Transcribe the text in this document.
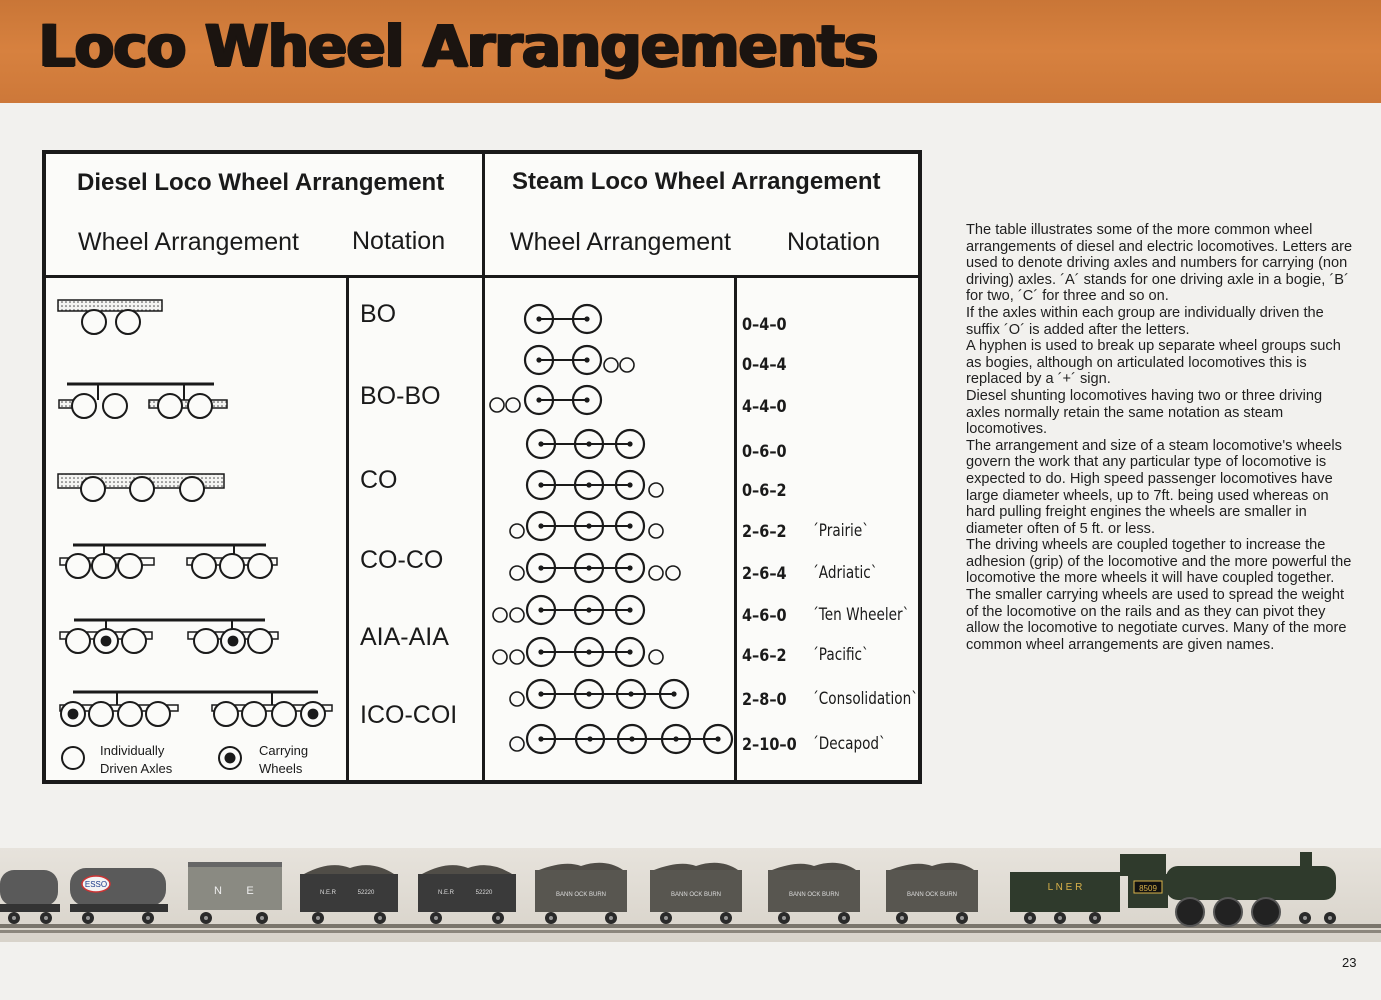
Loco Wheel Arrangements
Diesel Loco Wheel Arrangement	Steam Loco Wheel Arrangement
Wheel Arrangement Notation	Wheel Arrangement Notation
BO
BO-BO
CO
CO-CO
AIA-AIA
ICO-COI
0–4–0
0–4–4
4–4–0
0–6–0
0–6–2
2–6–2 ´Prairie`
2–6–4 ´Adriatic`
4–6–0 ´Ten Wheeler`
4–6–2 ´Pacific`
2–8–0 ´Consolidation`
2–10–0 ´Decapod`
Individually
Driven Axles
Carrying
Wheels

The table illustrates some of the more common wheel arrangements of diesel and electric locomotives. Letters are used to denote driving axles and numbers for carrying (non driving) axles. ´A´ stands for one driving axle in a bogie, ´B´ for two, ´C´ for three and so on.

If the axles within each group are individually driven the suffix ´O´ is added after the letters.

A hyphen is used to break up separate wheel groups such as bogies, although on articulated locomotives this is replaced by a ´+´ sign.

Diesel shunting locomotives having two or three driving axles normally retain the same notation as steam locomotives.

The arrangement and size of a steam locomotive's wheels govern the work that any particular type of locomotive is expected to do. High speed passenger locomotives have large diameter wheels, up to 7ft. being used whereas on hard pulling freight engines the wheels are smaller in diameter often of 5 ft. or less.

The driving wheels are coupled together to increase the adhesion (grip) of the locomotive and the more powerful the locomotive the more wheels it will have coupled together. The smaller carrying wheels are used to spread the weight of the locomotive on the rails and as they can pivot they allow the locomotive to negotiate curves. Many of the more common wheel arrangements are given names.

ESSO
N E	N.E.R	52220	N.E.R	52220	BANN OCK BURN	BANN OCK BURN	BANN OCK BURN	BANN OCK BURN
L N E R	8509
23
